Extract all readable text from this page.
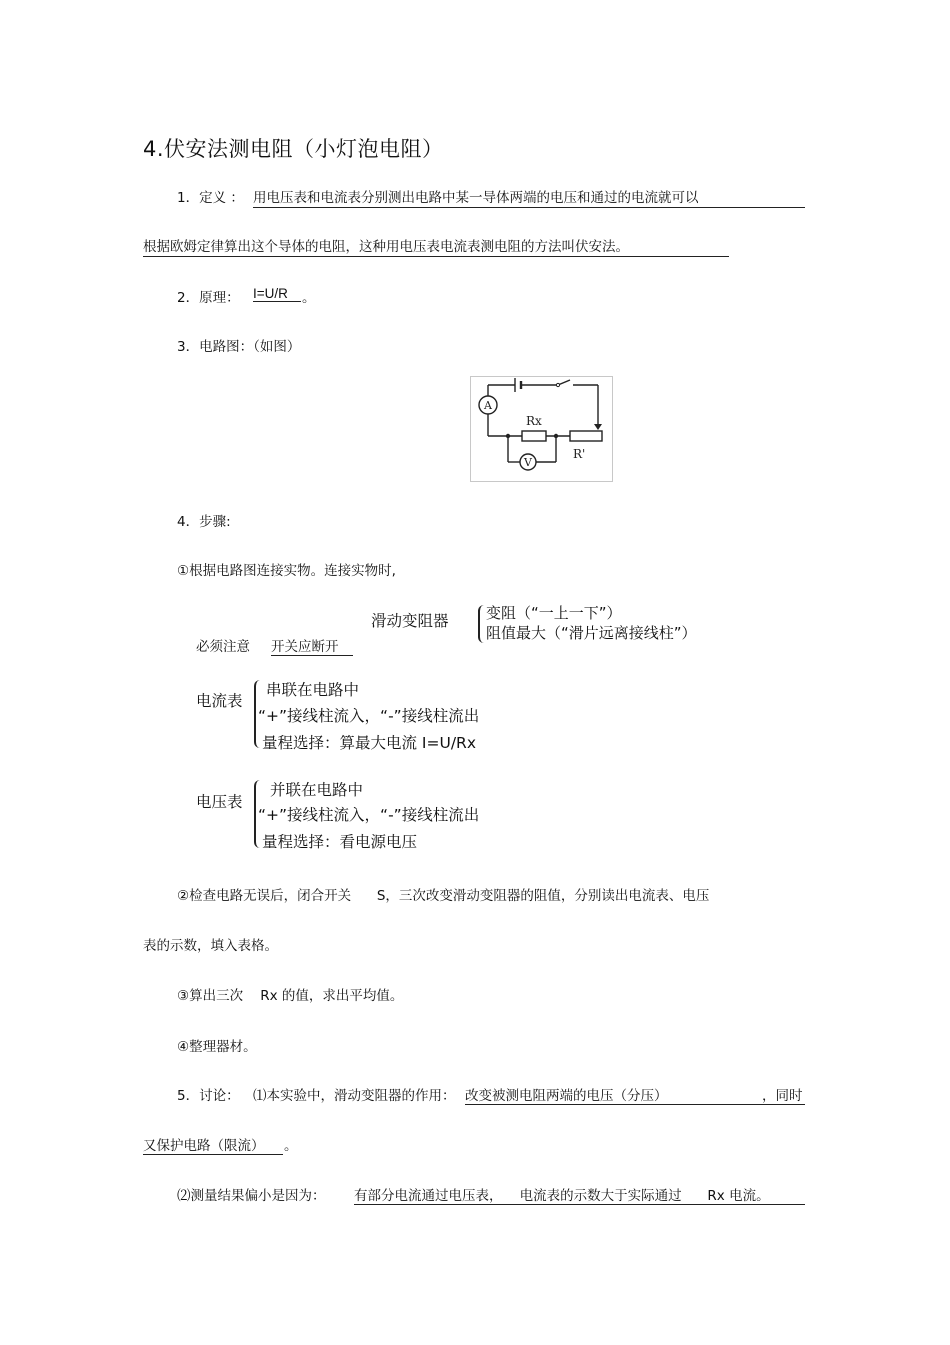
4.伏安法测电阻（小灯泡电阻）
1．定义 ： 用电压表和电流表分别测出电路中某一导体两端的电压和通过的电流就可以
根据欧姆定律算出这个导体的电阻，这种用电压表电流表测电阻的方法叫伏安法。
2．原理： I=U/R	。
3．电路图：（如图）
A
V
Rx
R'
4．步骤:
①根据电路图连接实物。连接实物时,
必须注意 开关应断开
滑动变阻器 变阻（“一上一下”）
阻值最大（“滑片远离接线柱”）
电流表
串联在电路中
“+”接线柱流入，“-”接线柱流出
量程选择：算最大电流 I=U/Rx
电压表
并联在电路中
“+”接线柱流入，“-”接线柱流出
量程选择：看电源电压
②检查电路无误后，闭合开关      S，三次改变滑动变阻器的阻值，分别读出电流表、电压
表的示数，填入表格。
③算出三次    Rx 的值，求出平均值。
④整理器材。
5．讨论： ⑴本实验中，滑动变阻器的作用： 改变被测电阻两端的电压（分压）	，同时
又保护电路（限流）	。
⑵测量结果偏小是因为： 有部分电流通过电压表，    电流表的示数大于实际通过      Rx 电流。
